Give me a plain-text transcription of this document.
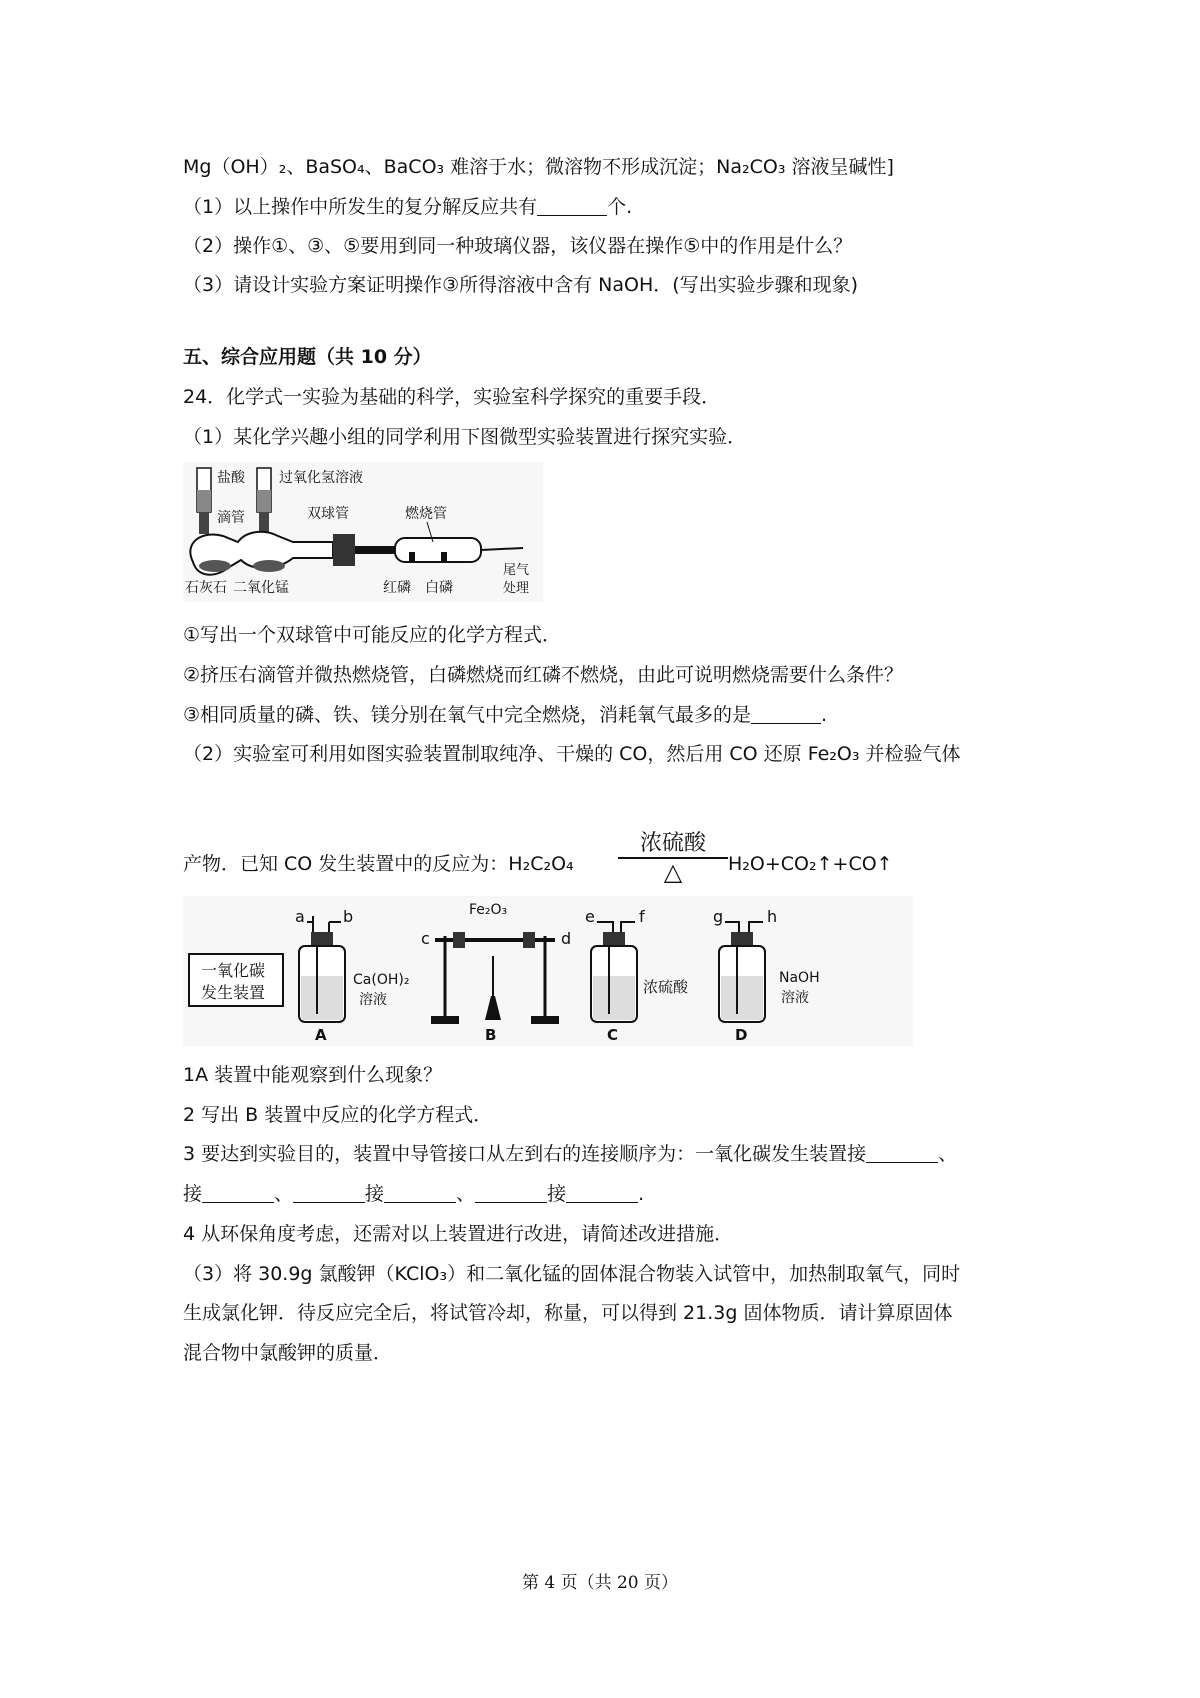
Mg（OH）₂、BaSO₄、BaCO₃ 难溶于水；微溶物不形成沉淀；Na₂CO₃ 溶液呈碱性]
（1）以上操作中所发生的复分解反应共有	个.
（2）操作①、③、⑤要用到同一种玻璃仪器，该仪器在操作⑤中的作用是什么？
（3）请设计实验方案证明操作③所得溶液中含有 NaOH．(写出实验步骤和现象)
五、综合应用题（共 10 分）
24．化学式一实验为基础的科学，实验室科学探究的重要手段．
（1）某化学兴趣小组的同学利用下图微型实验装置进行探究实验．
盐酸 过氧化氢溶液
滴管	双球管	燃烧管
石灰石 二氧化锰	红磷 白磷
尾气
处理
①写出一个双球管中可能反应的化学方程式．
②挤压右滴管并微热燃烧管，白磷燃烧而红磷不燃烧，由此可说明燃烧需要什么条件？
③相同质量的磷、铁、镁分别在氧气中完全燃烧，消耗氧气最多的是	.
（2）实验室可利用如图实验装置制取纯净、干燥的 CO，然后用 CO 还原 Fe₂O₃ 并检验气体
产物．已知 CO 发生装置中的反应为：H₂C₂O₄
浓硫酸
△	H₂O+CO₂↑+CO↑
一氧化碳
发生装置
a b
Ca(OH)₂
溶液
A
Fe₂O₃
c	d
B
e	f
浓硫酸
C
g	h
NaOH
溶液
D
1A 装置中能观察到什么现象？
2 写出 B 装置中反应的化学方程式．
3 要达到实验目的，装置中导管接口从左到右的连接顺序为：一氧化碳发生装置接	、
接	、	接	、	接	.
4 从环保角度考虑，还需对以上装置进行改进，请简述改进措施．
（3）将 30.9g 氯酸钾（KClO₃）和二氧化锰的固体混合物装入试管中，加热制取氧气，同时
生成氯化钾．待反应完全后，将试管冷却，称量，可以得到 21.3g 固体物质．请计算原固体
混合物中氯酸钾的质量．
第 4 页（共 20 页）
